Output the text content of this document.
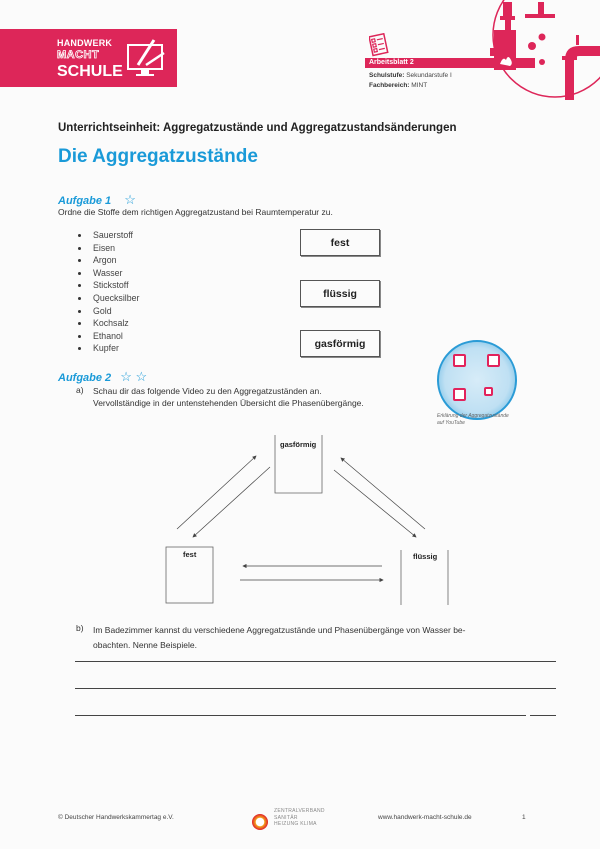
HANDWERK
MACHT
SCHULE
Arbeitsblatt 2
Schulstufe: Sekundarstufe I
Fachbereich: MINT
Unterrichtseinheit: Aggregatzustände und Aggregatzustandsänderungen
Die Aggregatzustände
Aufgabe 1 ☆
Ordne die Stoffe dem richtigen Aggregatzustand bei Raumtemperatur zu.
Sauerstoff
Eisen
Argon
Wasser
Stickstoff
Quecksilber
Gold
Kochsalz
Ethanol
Kupfer
fest
flüssig
gasförmig
Aufgabe 2 ☆ ☆
a) Schau dir das folgende Video zu den Aggregatzuständen an.
Vervollständige in der untenstehenden Übersicht die Phasenübergänge.
Erklärung der Aggregatzustände auf YouTube
gasförmig
fest	flüssig
b) Im Badezimmer kannst du verschiedene Aggregatzustände und Phasenübergänge von Wasser be-
obachten. Nenne Beispiele.
© Deutscher Handwerkskammertag e.V.
ZENTRALVERBAND
SANITÄR
HEIZUNG KLIMA
www.handwerk-macht-schule.de	1
